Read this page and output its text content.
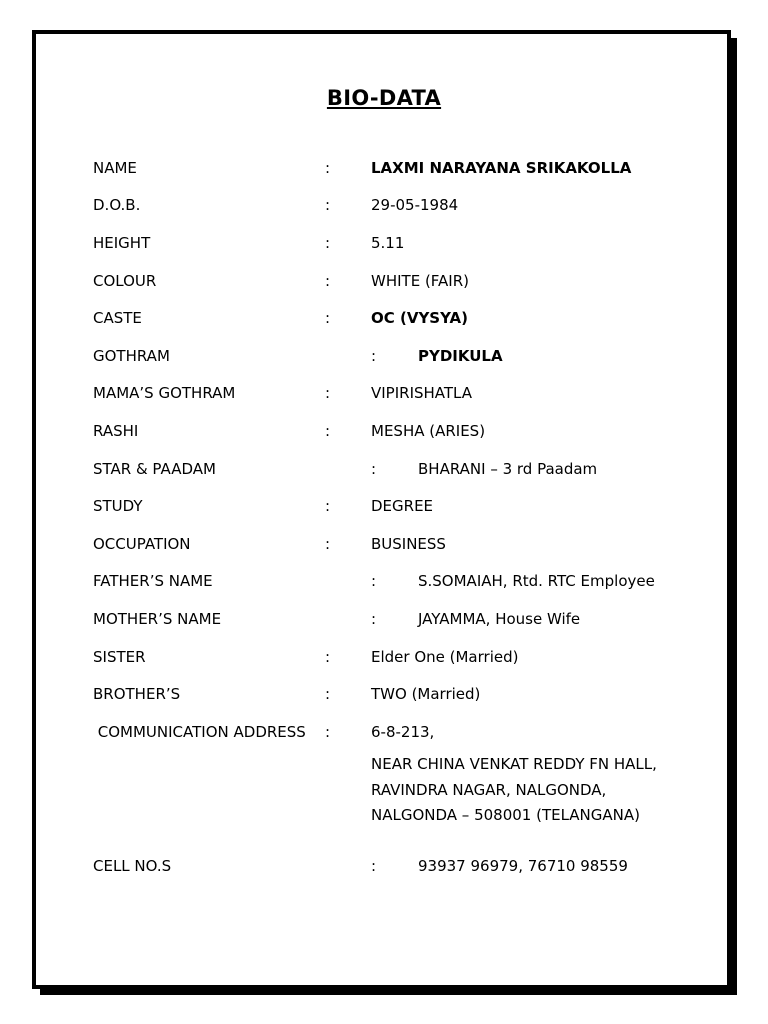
BIO-DATA
NAME	:	LAXMI NARAYANA SRIKAKOLLA
D.O.B.	:	29-05-1984
HEIGHT	:	5.11
COLOUR	:	WHITE (FAIR)
CASTE	:	OC (VYSYA)
GOTHRAM	:	PYDIKULA
MAMA’S GOTHRAM	:	VIPIRISHATLA
RASHI	:	MESHA (ARIES)
STAR & PAADAM	:	BHARANI – 3 rd Paadam
STUDY	:	DEGREE
OCCUPATION	:	BUSINESS
FATHER’S NAME	:	S.SOMAIAH, Rtd. RTC Employee
MOTHER’S NAME	:	JAYAMMA, House Wife
SISTER	:	Elder One (Married)
BROTHER’S	:	TWO (Married)
COMMUNICATION ADDRESS :	6-8-213,
NEAR CHINA VENKAT REDDY FN HALL,
RAVINDRA NAGAR, NALGONDA,
NALGONDA – 508001 (TELANGANA)
CELL NO.S	:	93937 96979, 76710 98559
